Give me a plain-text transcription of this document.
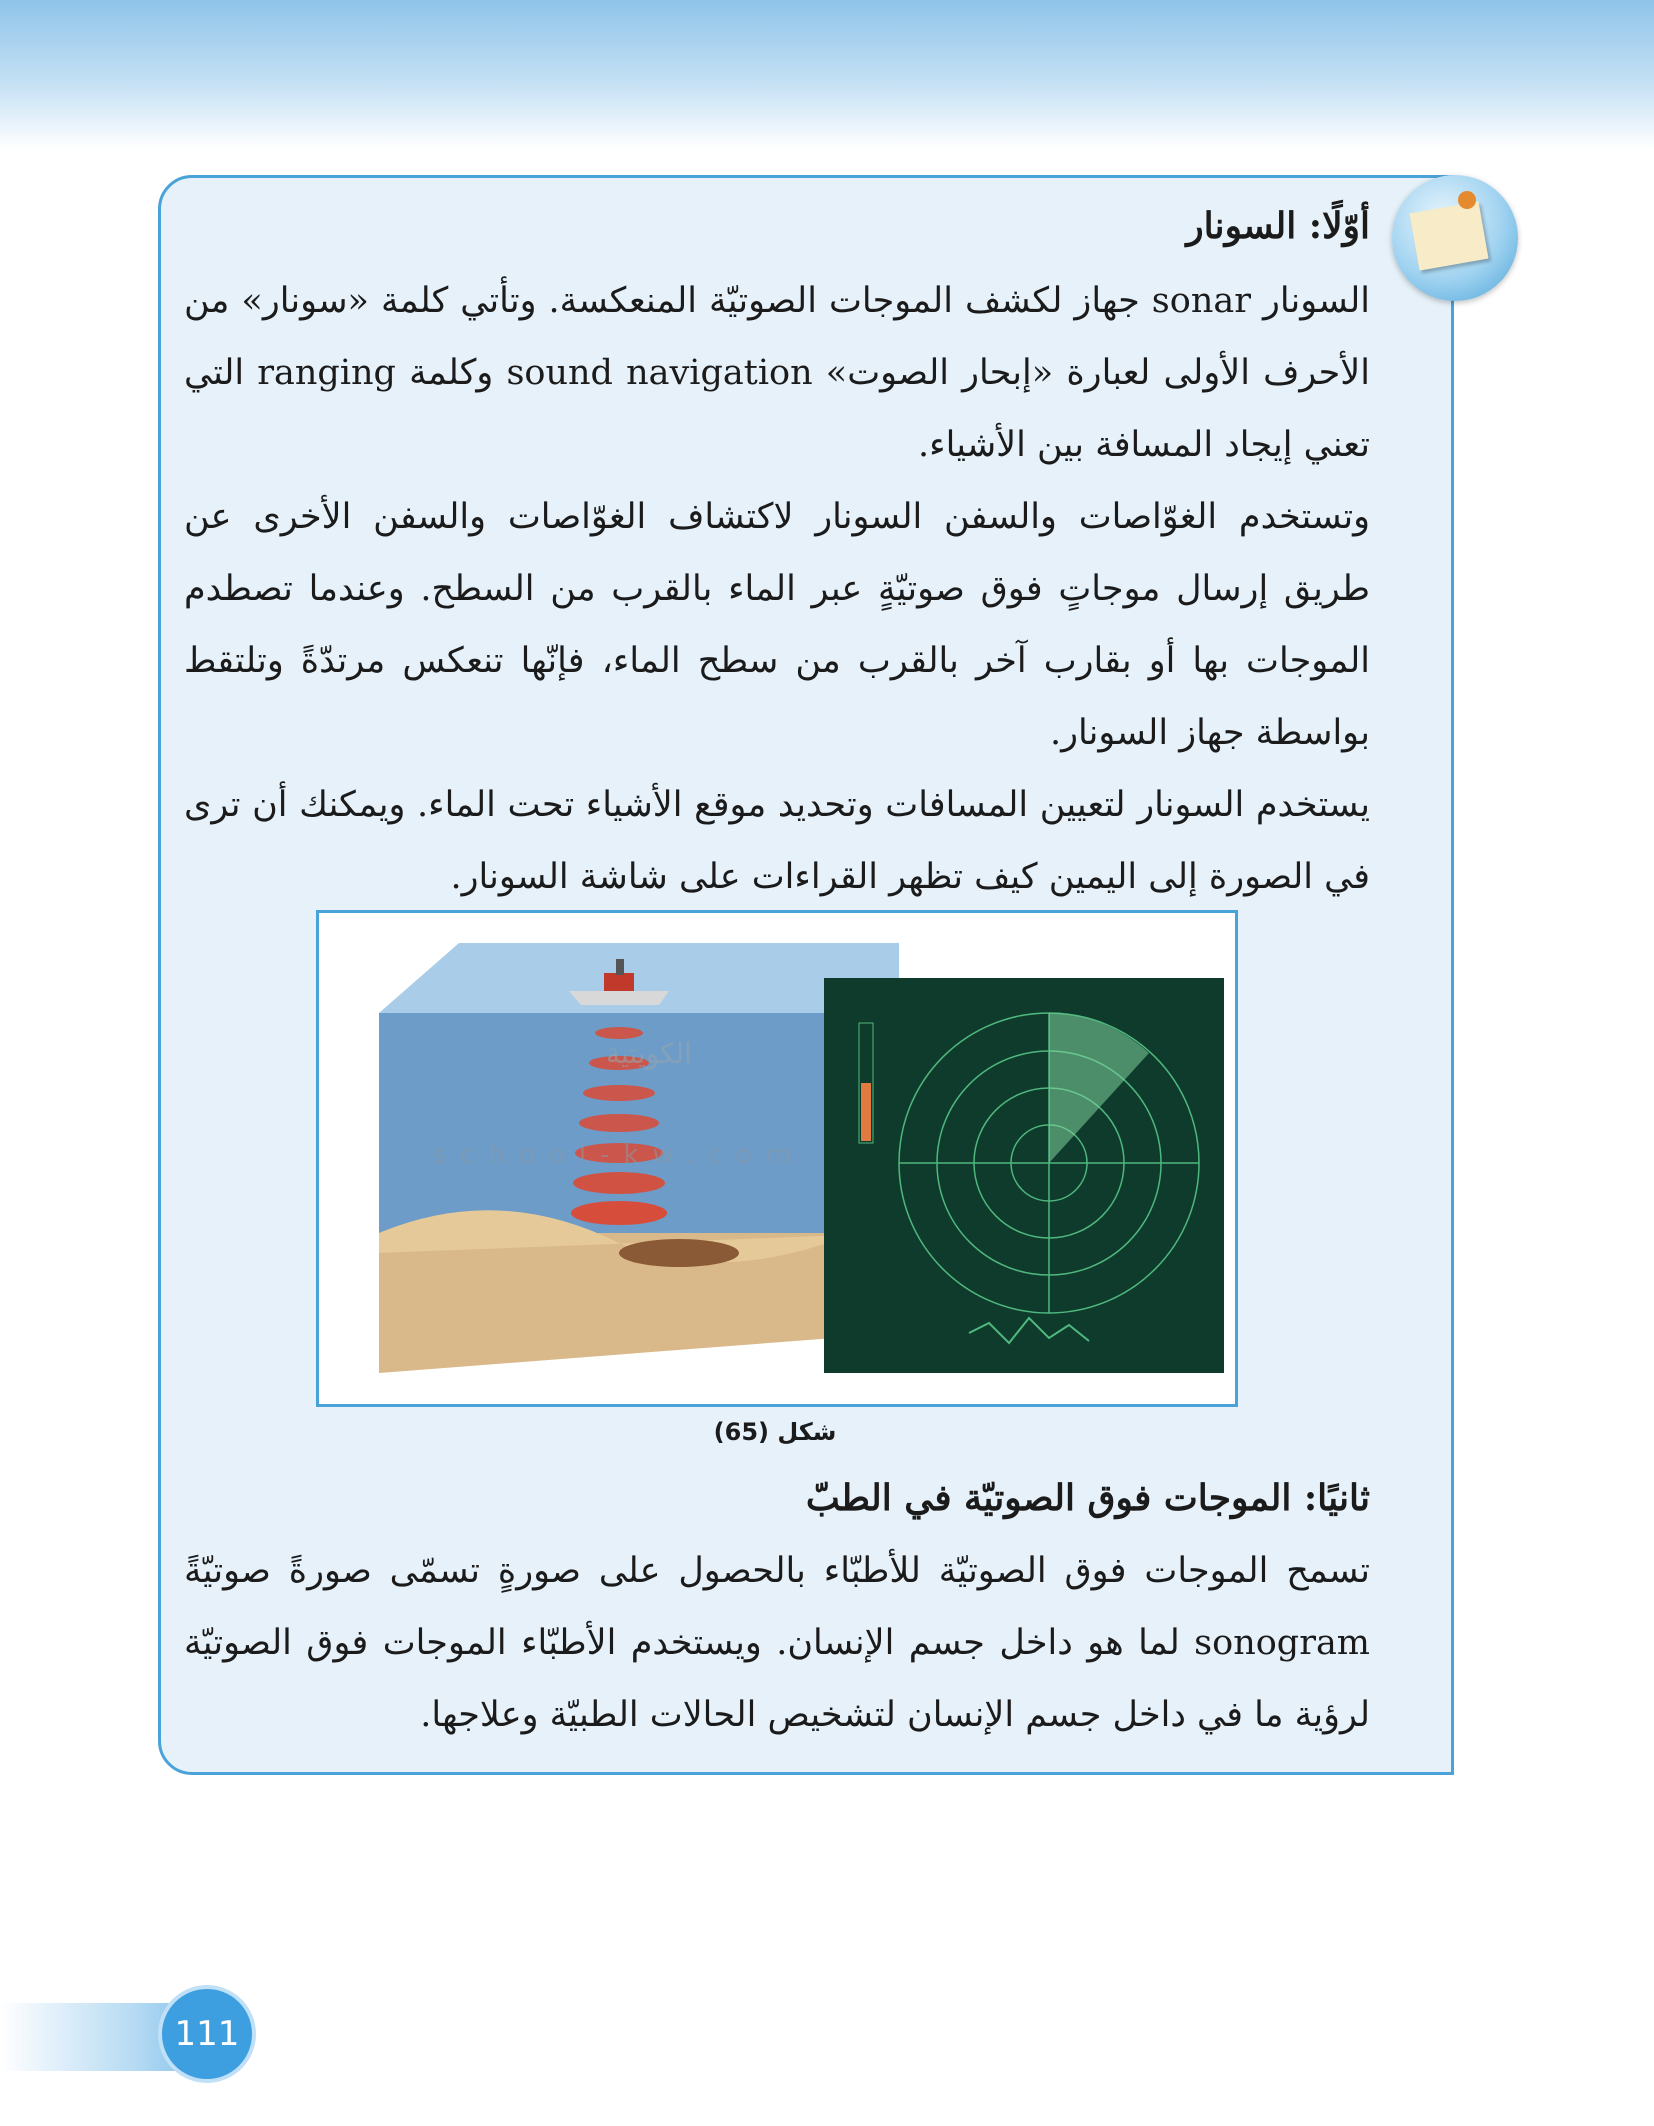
أوّلًا: السونار

السونار sonar جهاز لكشف الموجات الصوتيّة المنعكسة. وتأتي كلمة «سونار» من الأحرف الأولى لعبارة «إبحار الصوت» sound navigation وكلمة ranging التي تعني إيجاد المسافة بين الأشياء.

وتستخدم الغوّاصات والسفن السونار لاكتشاف الغوّاصات والسفن الأخرى عن طريق إرسال موجاتٍ فوق صوتيّةٍ عبر الماء بالقرب من السطح. وعندما تصطدم الموجات بها أو بقارب آخر بالقرب من سطح الماء، فإنّها تنعكس مرتدّةً وتلتقط بواسطة جهاز السونار.

يستخدم السونار لتعيين المسافات وتحديد موقع الأشياء تحت الماء. ويمكنك أن ترى في الصورة إلى اليمين كيف تظهر القراءات على شاشة السونار.

الكويتية
school-kw.com
شكل (65)
ثانيًا: الموجات فوق الصوتيّة في الطبّ

تسمح الموجات فوق الصوتيّة للأطبّاء بالحصول على صورةٍ تسمّى صورةً صوتيّةً sonogram لما هو داخل جسم الإنسان. ويستخدم الأطبّاء الموجات فوق الصوتيّة لرؤية ما في داخل جسم الإنسان لتشخيص الحالات الطبيّة وعلاجها.

111
